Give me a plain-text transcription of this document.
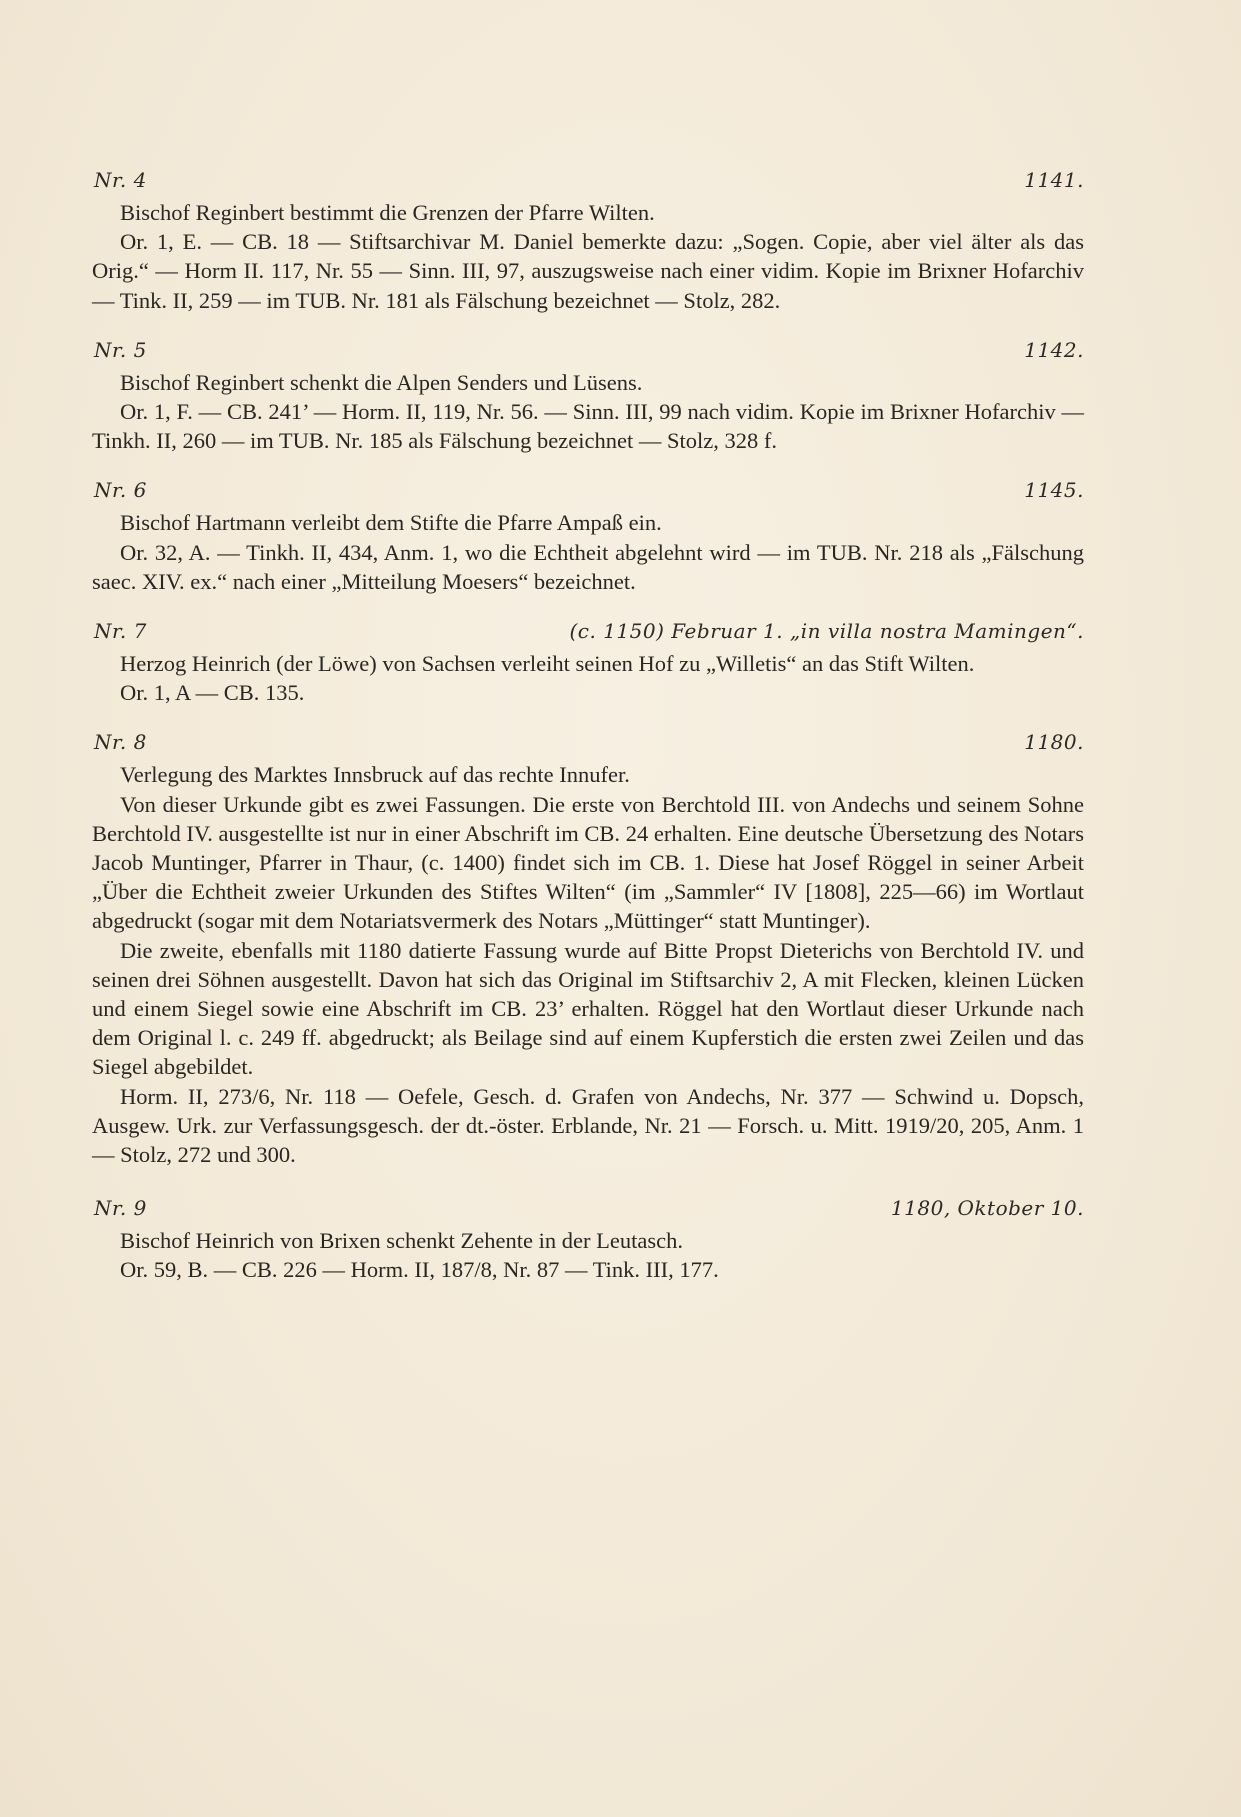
Nr. 4	1141.

Bischof Reginbert bestimmt die Grenzen der Pfarre Wilten.

Or. 1, E. — CB. 18 — Stiftsarchivar M. Daniel bemerkte dazu: „Sogen. Copie, aber viel älter als das Orig.“ — Horm II. 117, Nr. 55 — Sinn. III, 97, auszugsweise nach einer vidim. Kopie im Brixner Hofarchiv — Tink. II, 259 — im TUB. Nr. 181 als Fälschung bezeichnet — Stolz, 282.

Nr. 5	1142.

Bischof Reginbert schenkt die Alpen Senders und Lüsens.

Or. 1, F. — CB. 241’ — Horm. II, 119, Nr. 56. — Sinn. III, 99 nach vidim. Kopie im Brixner Hofarchiv — Tinkh. II, 260 — im TUB. Nr. 185 als Fälschung bezeichnet — Stolz, 328 f.

Nr. 6	1145.

Bischof Hartmann verleibt dem Stifte die Pfarre Ampaß ein.

Or. 32, A. — Tinkh. II, 434, Anm. 1, wo die Echtheit abgelehnt wird — im TUB. Nr. 218 als „Fälschung saec. XIV. ex.“ nach einer „Mitteilung Moesers“ bezeichnet.

Nr. 7	(c. 1150) Februar 1. „in villa nostra Mamingen“.

Herzog Heinrich (der Löwe) von Sachsen verleiht seinen Hof zu „Willetis“ an das Stift Wilten.

Or. 1, A — CB. 135.

Nr. 8	1180.

Verlegung des Marktes Innsbruck auf das rechte Innufer.

Von dieser Urkunde gibt es zwei Fassungen. Die erste von Berchtold III. von Andechs und seinem Sohne Berchtold IV. ausgestellte ist nur in einer Abschrift im CB. 24 erhalten. Eine deutsche Übersetzung des Notars Jacob Muntinger, Pfarrer in Thaur, (c. 1400) findet sich im CB. 1. Diese hat Josef Röggel in seiner Arbeit „Über die Echtheit zweier Urkunden des Stiftes Wilten“ (im „Sammler“ IV [1808], 225—66) im Wortlaut abgedruckt (sogar mit dem Notariatsvermerk des Notars „Müttinger“ statt Muntinger).

Die zweite, ebenfalls mit 1180 datierte Fassung wurde auf Bitte Propst Dieterichs von Berchtold IV. und seinen drei Söhnen ausgestellt. Davon hat sich das Original im Stiftsarchiv 2, A mit Flecken, kleinen Lücken und einem Siegel sowie eine Abschrift im CB. 23’ erhalten. Röggel hat den Wortlaut dieser Urkunde nach dem Original l. c. 249 ff. abgedruckt; als Beilage sind auf einem Kupferstich die ersten zwei Zeilen und das Siegel abgebildet.

Horm. II, 273/6, Nr. 118 — Oefele, Gesch. d. Grafen von Andechs, Nr. 377 — Schwind u. Dopsch, Ausgew. Urk. zur Verfassungsgesch. der dt.-öster. Erblande, Nr. 21 — Forsch. u. Mitt. 1919/20, 205, Anm. 1 — Stolz, 272 und 300.

Nr. 9	1180, Oktober 10.

Bischof Heinrich von Brixen schenkt Zehente in der Leutasch.

Or. 59, B. — CB. 226 — Horm. II, 187/8, Nr. 87 — Tink. III, 177.
